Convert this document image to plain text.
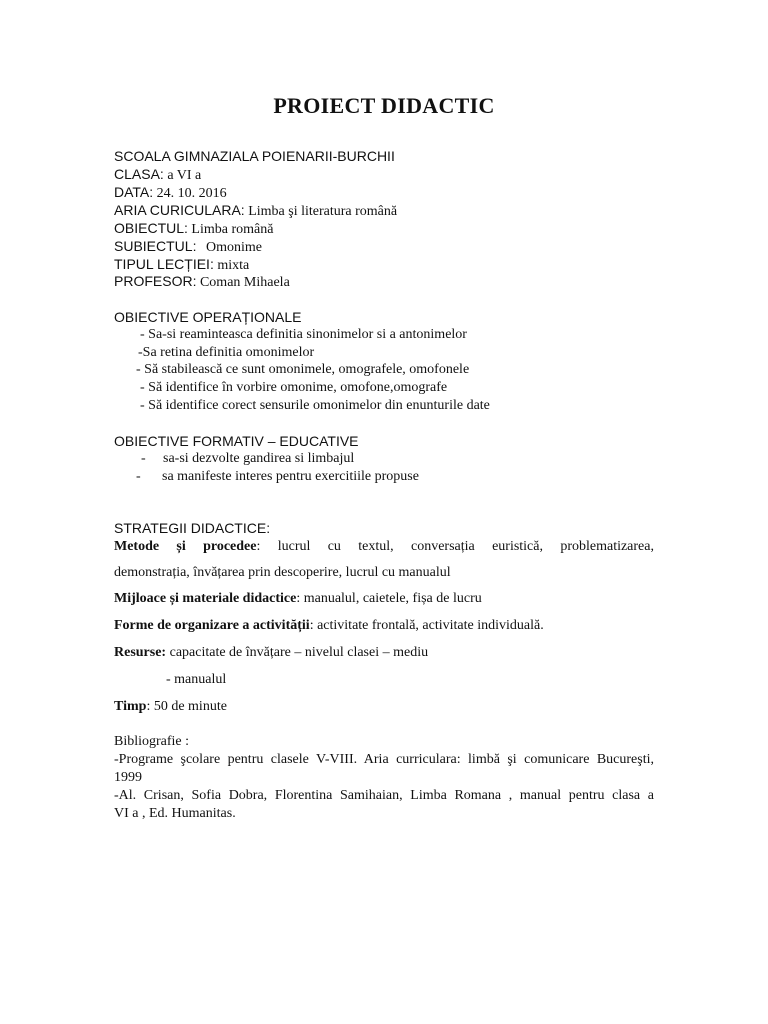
PROIECT DIDACTIC
SCOALA GIMNAZIALA POIENARII-BURCHII
CLASA: a VI a
DATA: 24. 10. 2016
ARIA CURICULARA: Limba şi literatura română
OBIECTUL: Limba română
SUBIECTUL: Omonime
TIPUL LECȚIEI: mixta
PROFESOR: Coman Mihaela
OBIECTIVE OPERAȚIONALE
- Sa-si reaminteasca definitia sinonimelor si a antonimelor
-Sa retina definitia omonimelor
- Să stabilească ce sunt omonimele, omografele, omofonele
- Să identifice în vorbire omonime, omofone,omografe
- Să identifice corect sensurile omonimelor din enunturile date
OBIECTIVE FORMATIV – EDUCATIVE
- sa-si dezvolte gandirea si limbajul
- sa manifeste interes pentru exercitiile propuse
STRATEGII DIDACTICE:
Metode și procedee: lucrul cu textul, conversația euristică, problematizarea,
demonstrația, învățarea prin descoperire, lucrul cu manualul
Mijloace și materiale didactice: manualul, caietele, fișa de lucru
Forme de organizare a activității: activitate frontală, activitate individuală.
Resurse: capacitate de învățare – nivelul clasei – mediu
- manualul
Timp: 50 de minute
Bibliografie :
-Programe şcolare pentru clasele V-VIII. Aria curriculara: limbă şi comunicare Bucureşti,
1999
-Al. Crisan, Sofia Dobra, Florentina Samihaian, Limba Romana , manual pentru clasa a
VI a , Ed. Humanitas.
